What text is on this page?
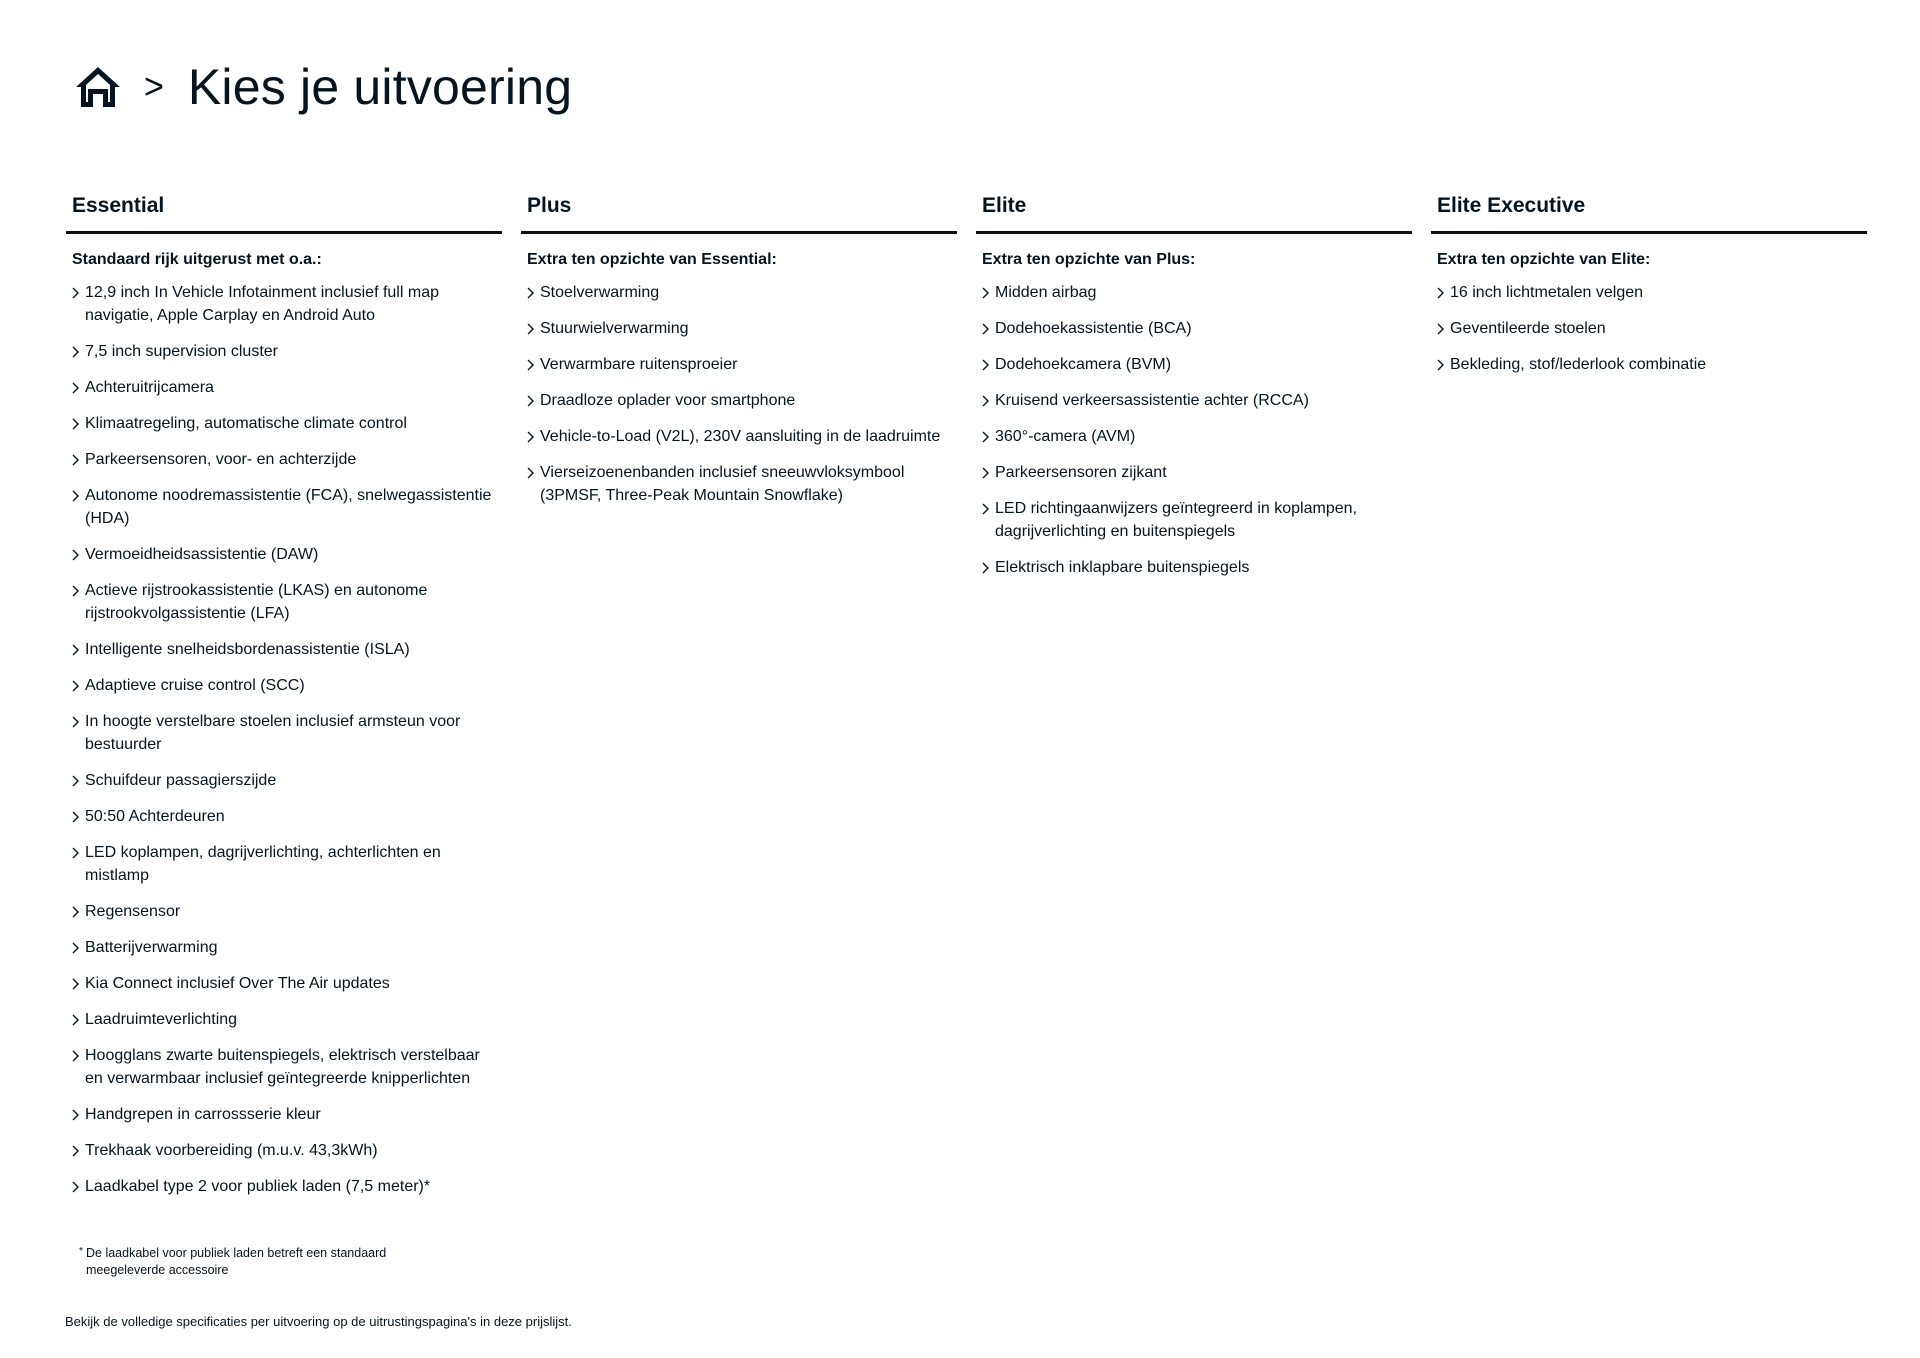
> Kies je uitvoering
Essential
Standaard rijk uitgerust met o.a.:
12,9 inch In Vehicle Infotainment inclusief full map navigatie, Apple Carplay en Android Auto
7,5 inch supervision cluster
Achteruitrijcamera
Klimaatregeling, automatische climate control
Parkeersensoren, voor- en achterzijde
Autonome noodremassistentie (FCA), snelwegassistentie (HDA)
Vermoeidheidsassistentie (DAW)
Actieve rijstrookassistentie (LKAS) en autonome rijstrookvolgassistentie (LFA)
Intelligente snelheidsbordenassistentie (ISLA)
Adaptieve cruise control (SCC)
In hoogte verstelbare stoelen inclusief armsteun voor bestuurder
Schuifdeur passagierszijde
50:50 Achterdeuren
LED koplampen, dagrijverlichting, achterlichten en mistlamp
Regensensor
Batterijverwarming
Kia Connect inclusief Over The Air updates
Laadruimteverlichting
Hoogglans zwarte buitenspiegels, elektrisch verstelbaar en verwarmbaar inclusief geïntegreerde knipperlichten
Handgrepen in carrossserie kleur
Trekhaak voorbereiding (m.u.v. 43,3kWh)
Laadkabel type 2 voor publiek laden (7,5 meter)*
Plus
Extra ten opzichte van Essential:
Stoelverwarming
Stuurwielverwarming
Verwarmbare ruitensproeier
Draadloze oplader voor smartphone
Vehicle-to-Load (V2L), 230V aansluiting in de laadruimte
Vierseizoenenbanden inclusief sneeuwvloksymbool (3PMSF, Three-Peak Mountain Snowflake)
Elite
Extra ten opzichte van Plus:
Midden airbag
Dodehoekassistentie (BCA)
Dodehoekcamera (BVM)
Kruisend verkeersassistentie achter (RCCA)
360°-camera (AVM)
Parkeersensoren zijkant
LED richtingaanwijzers geïntegreerd in koplampen, dagrijverlichting en buitenspiegels
Elektrisch inklapbare buitenspiegels
Elite Executive
Extra ten opzichte van Elite:
16 inch lichtmetalen velgen
Geventileerde stoelen
Bekleding, stof/lederlook combinatie
* De laadkabel voor publiek laden betreft een standaard meegeleverde accessoire
Bekijk de volledige specificaties per uitvoering op de uitrustingspagina's in deze prijslijst.
